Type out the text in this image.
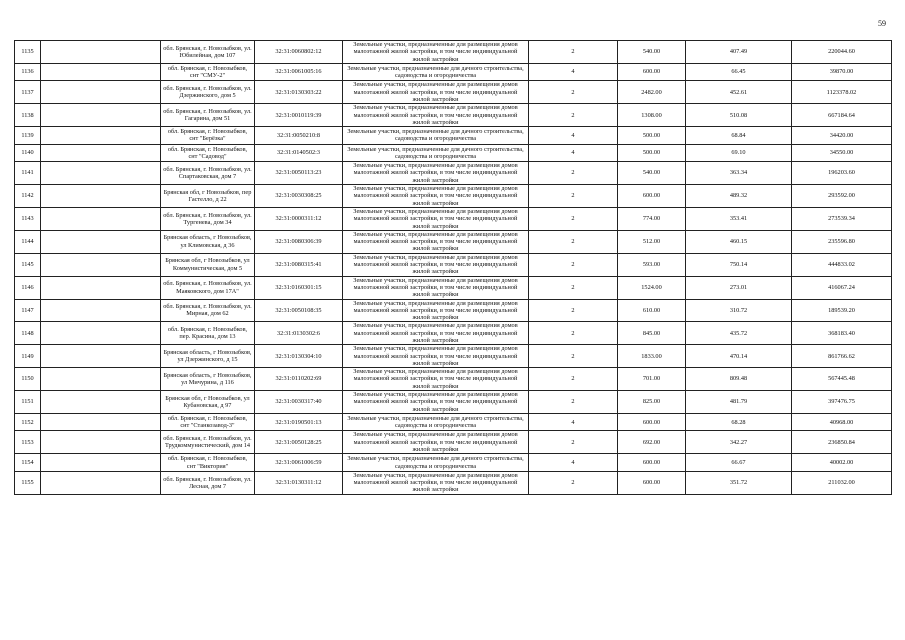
59
1135		обл. Брянская, г. Новозыбков, ул. Юбилейная, дом 107	32:31:0060802:12	Земельные участки, предназначенные для размещения домов малоэтажной жилой застройки, в том числе индивидуальной жилой застройки	2	540.00	407.49	220044.60
1136		обл. Брянская, г. Новозыбков, снт "СМУ-2"	32:31:0061005:16	Земельные участки, предназначенные для дачного строительства, садоводства и огородничества	4	600.00	66.45	39870.00
1137		обл. Брянская, г. Новозыбков, ул. Дзержинского, дом 5	32:31:0130303:22	Земельные участки, предназначенные для размещения домов малоэтажной жилой застройки, в том числе индивидуальной жилой застройки	2	2482.00	452.61	1123378.02
1138		обл. Брянская, г. Новозыбков, ул. Гагарина, дом 51	32:31:0010119:39	Земельные участки, предназначенные для размещения домов малоэтажной жилой застройки, в том числе индивидуальной жилой застройки	2	1308.00	510.08	667184.64
1139		обл. Брянская, г. Новозыбков, снт "Берёзка"	32:31:0050210:8	Земельные участки, предназначенные для дачного строительства, садоводства и огородничества	4	500.00	68.84	34420.00
1140		обл. Брянская, г. Новозыбков, снт "Садовод"	32:31:0140502:3	Земельные участки, предназначенные для дачного строительства, садоводства и огородничества	4	500.00	69.10	34550.00
1141		обл. Брянская, г. Новозыбков, ул. Спартаковская, дом 7	32:31:0050113:23	Земельные участки, предназначенные для размещения домов малоэтажной жилой застройки, в том числе индивидуальной жилой застройки	2	540.00	363.34	196203.60
1142		Брянская обл, г Новозыбков, пер Гастелло, д 22	32:31:0030308:25	Земельные участки, предназначенные для размещения домов малоэтажной жилой застройки, в том числе индивидуальной жилой застройки	2	600.00	489.32	293592.00
1143		обл. Брянская, г. Новозыбков, ул. Тургенева, дом 34	32:31:0000311:12	Земельные участки, предназначенные для размещения домов малоэтажной жилой застройки, в том числе индивидуальной жилой застройки	2	774.00	353.41	273539.34
1144		Брянская область, г Новозыбков, ул Климовская, д 36	32:31:0080306:39	Земельные участки, предназначенные для размещения домов малоэтажной жилой застройки, в том числе индивидуальной жилой застройки	2	512.00	460.15	235596.80
1145		Брянская обл, г Новозыбков, ул Коммунистическая, дом 5	32:31:0080315:41	Земельные участки, предназначенные для размещения домов малоэтажной жилой застройки, в том числе индивидуальной жилой застройки	2	593.00	750.14	444833.02
1146		обл. Брянская, г. Новозыбков, ул. Маяковского, дом 17А"	32:31:0160301:15	Земельные участки, предназначенные для размещения домов малоэтажной жилой застройки, в том числе индивидуальной жилой застройки	2	1524.00	273.01	416067.24
1147		обл. Брянская, г. Новозыбков, ул. Мирная, дом 62	32:31:0050108:35	Земельные участки, предназначенные для размещения домов малоэтажной жилой застройки, в том числе индивидуальной жилой застройки	2	610.00	310.72	189539.20
1148		обл. Брянская, г. Новозыбков, пер. Красина, дом 13	32:31:0130302:6	Земельные участки, предназначенные для размещения домов малоэтажной жилой застройки, в том числе индивидуальной жилой застройки	2	845.00	435.72	368183.40
1149		Брянская область, г Новозыбков, ул Дзержинского, д 15	32:31:0130304:10	Земельные участки, предназначенные для размещения домов малоэтажной жилой застройки, в том числе индивидуальной жилой застройки	2	1833.00	470.14	861766.62
1150		Брянская область, г Новозыбков, ул Мичурина, д 116	32:31:0110202:69	Земельные участки, предназначенные для размещения домов малоэтажной жилой застройки, в том числе индивидуальной жилой застройки	2	701.00	809.48	567445.48
1151		Брянская обл, г Новозыбков, ул Кубановская, д 97	32:31:0030317:40	Земельные участки, предназначенные для размещения домов малоэтажной жилой застройки, в том числе индивидуальной жилой застройки	2	825.00	481.79	397476.75
1152		обл. Брянская, г. Новозыбков, снт "Станкозавод-3"	32:31:0190501:13	Земельные участки, предназначенные для дачного строительства, садоводства и огородничества	4	600.00	68.28	40968.00
1153		обл. Брянская, г. Новозыбков, ул. Трудкоммунистический, дом 14	32:31:0050128:25	Земельные участки, предназначенные для размещения домов малоэтажной жилой застройки, в том числе индивидуальной жилой застройки	2	692.00	342.27	236850.84
1154		обл. Брянская, г. Новозыбков, снт "Виктория"	32:31:0061006:59	Земельные участки, предназначенные для дачного строительства, садоводства и огородничества	4	600.00	66.67	40002.00
1155		обл. Брянская, г. Новозыбков, ул. Лесная, дом 7	32:31:0130311:12	Земельные участки, предназначенные для размещения домов малоэтажной жилой застройки, в том числе индивидуальной жилой застройки	2	600.00	351.72	211032.00
